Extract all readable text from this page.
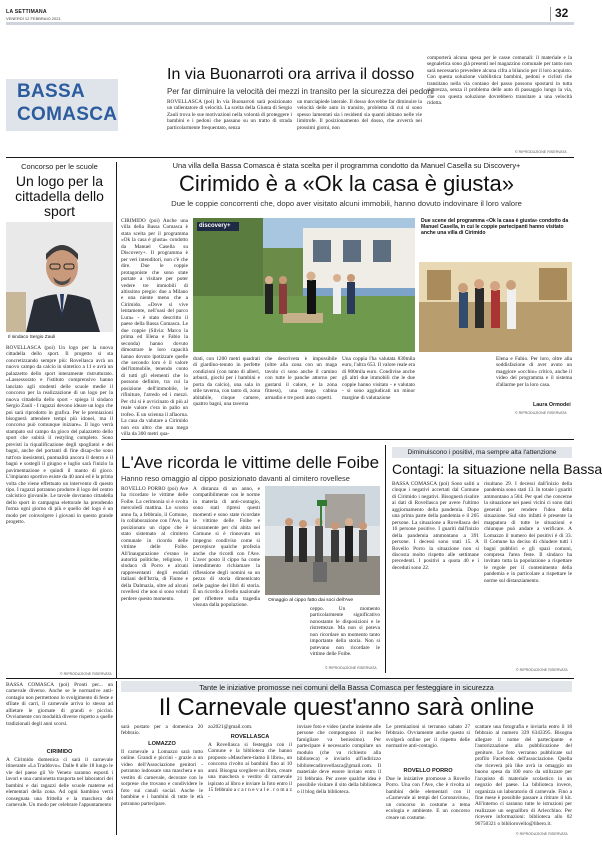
LA SETTIMANA
VENERDÌ 12 FEBBRAIO 2021	32
BASSA
COMASCA
In via Buonarroti ora arriva il dosso
Per far diminuire la velocità dei mezzi in transito per la sicurezza dei pedoni
ROVELLASCA (poi) In via Buonarroti sarà posizionato un rallentatore di velocità. La scelta della Giunta di Sergio Zauli trova le sue motivazioni nella volontà di proteggere i bambini e i pedoni che passano su un tratto di strada particolarmente frequentato, senza
un marciapiede laterale. Il dosso dovrebbe far diminuire la velocità delle auto in transito, problema di cui si sono spesso lamentati sia i residenti sia quanti abitano nelle vie limitrofe. Il posizionamento del dosso, che avverrà nei prossimi giorni, non
comporterà alcuna spesa per le casse comunali: il materiale e la segnaletica sono già presenti nel magazzino comunale per tanto non sarà necessario prevedere alcuna cifra a bilancio per il loro acquisto. Con questa soluzione viabilistica bambini, pedoni e ciclisti che transitano nella via contano del passo possono spostarsi in tutta sicurezza, senza il problema delle auto di passaggio lungo la via, che con questa soluzione dovrebbero transitare a una velocità ridotta.
© RIPRODUZIONE RISERVATA
Concorso per le scuole
Un logo per la cittadella dello sport
Il sindaco Sergio Zauli
ROVELLASCA (poi) Un logo per la nuova cittadella dello sport. Il progetto si sta concretizzando sempre più: Rovellasca avrà un nuovo campo da calcio in sintetico a 11 e avrà un palazzetto dello sport interamente ristrutturato. «Lassessorato e l'istituto comprensivo hanno lanciato agli studenti delle scuole medie il concorso per la realizzazione di un logo per la nuova cittadella dello sport - spiega il sindaco Sergio Zauli - I ragazzi devono ideare un logo che poi sarà riprodotto in grafica. Per le premiazioni bisognerà attendere tempi più idonei, ma il concorso può comunque iniziare». Il logo verrà stampato sul campo da gioco del palazzetto dello sport che subirà il restyling completo. Sono previsti la riqualificazione degli spogliatoi e dei bagni, anche del portanti di fine disap-che sono tutt'ora inesistenti, puntualità ancora il dentro e il bagni e sostegli il giugno e luglio sarà l'inizio la pavimentazione e quindi il manto di gioco. L'impianto sportivo esiste da 40 anni ed è la prima volta che viene effettuato un intervento di questo tipo. I ragazzi potranno produrre il logo del centro calcistico giovanile. Le tavole dovranno cittadella dello sport in campagna elettorale ha prendendo forma ogni giorno di più e quello del logo è un modo per coinvolgere i giovani in questo grande progetto.
© RIPRODUZIONE RISERVATA
Una villa della Bassa Comasca è stata scelta per il programma condotto da Manuel Casella su Discovery+
Cirimido è a «Ok la casa è giusta»
Due le coppie concorrenti che, dopo aver visitato alcuni immobili, hanno dovuto indovinare il loro valore
CIRIMIDO (poi) Anche una villa della Bassa Comasca è stata scelta per il programma «Ok la casa è giusta» condotto da Manuel Casella su Discovery+. Il programma è per veri intenditori, non c'è che dire. Due le coppie protagoniste che sono state portate a visitare per poter vedere tre immobili di altissimo pregio: due a Milano e una niente meno che a Cirimido. «Dove si vive lentamente, nell'oasi del parco Lura» - è stato descritto il paese della Bassa Comasca. Le due coppie (Silvia: Marco la prima ed Elena e Fabio la seconda) hanno dovuto dimostrare le loro capacità hanno dovuto ipotizzare quelle che secondo loro è il valore dell'immobile, tenendo conto di tutti gli elementi che lo possono definire, tra cui la posizione dell'immobile, le rifiniture, l'arredo ed i mezzi. Per chi si è avvicinato di più al reale valore c'era in palio un trofeo. E un scienna il aflaorna. La casa da valutare a Cirimido non era altro che una mega villa da 300 metri qua-
discovery+
Due scene del programma «Ok la casa è giusta» condotto da Manuel Casella, in cui le coppie partecipanti hanno visitato anche una villa di Cirimido
drati, con 1200 metri quadrati di giardino-tenuto in perfette condizioni (con tanto di alberi, arbusti, giochi per i bambini e porta da calcio), una sala in stile taverna, con tanto di, zona abitabile, cinque camere, quattro bagni, una taverna
che descriveta è impossibile (oltre alla zona con un maga tavolo ci sono anche il camino con tutte le panche attorno per gustarsi il calore, e la zona fitness), una mega cabina armadio e tre posti auto coperti.
Una coppia l'ha valutata 830mila euro, l'altra 653. Il valore reale era di 800mila euro. Condivise anche gli altri due immobili che le due coppie hanno visitato - e valutato - si sono aggiudicati un minor margine di valutazione
Elena e Fabio. Per loro, oltre alla soddisfazione di aver avuto un maggiore «occhio» critico, anche il video del programma e il sistema d'allarme per la loro casa.
Laura Ormodei
© RIPRODUZIONE RISERVATA
L'Ave ricorda le vittime delle Foibe
Hanno reso omaggio al cippo posizionato davanti al cimitero rovellese
ROVELLO PORRO (poi) Ave ha ricordato le vittime delle Foibe. La cerimonia si è svolta mercoledì mattina. Lo scorso anno fa, a febbraio, il Comune, in collaborazione con l'Ave, ha posizionato un cippo che è stato sistemato al cimitero comunale in ricordo delle vittime delle Foibe. All'inaugurazione c'erano le autorità politiche, religiose, il sindaco di Porro e alcuni rappresentanti degli esodati italiani dell'Istria, di Fiume e della Dalmazia, oltre ad alcuni rovellesi che non si sono voluti perdere questo momento.
A distanza di un anno, e compatibilmente con le norme in materia di anti-contagio, sono stati ripresi questi momenti e sono state ricordate le vittime delle Foibe e sicuramente per chi abita nel Comune si è rinnovato un impegno condiviso come si percepisce qualche profezia anche che ricordi con l'Ave. L'aver posto il cippo ha come intendimento richiamare la riflessione degli uomini su un pezzo di storia dimenticato nelle pagine dei libri di storia. È un ricordo a livello nazionale per riflettere sulla tragedia vissuta dalla popolazione.
Omaggio al cippo fatto dai soci dell'Ave
ceppo. Un momento particolarmente significativo nonostante le disposizioni e le ristrettezze. Ma non si poteva non ricordare un momento tanto importante della storia. Non si potevano non ricordare le vittime delle Foibe.
© RIPRODUZIONE RISERVATA
Diminuiscono i positivi, ma sempre alta l'attenzione
Contagi: la situazione nella Bassa
BASSA COMASCA (poi) Sono saliti a cinque i negativi accertati dal Comune di Cirimido i negativi. Bisognerà risalire ai dati di Rovellasca per avere l'ultimo aggiornamento della pandemia. Dopo una prima parte della pandemia e il 205 persone. La situazione a Rovellasca dei 16 persone positive. I guariti dall'inizio della pandemia ammontano a 391 persone. I decessi sono stati 15. A Rovello Porro la situazione non si discosta molto rispetto alle settimane precedenti. I positivi a quota 40 e i deceduti sono 22.
risultano 29. I decessi dall'inizio della pandemia sono stati 13. In totale i guariti ammontano a 584. Per quel che concerne la situazione nei paesi vicini ci sono dati generali per rendere l'idea della situazione. Sul sito infatti è presente la mappatura di tutte le situazioni e chiunque può andare a verificare. A Lomazzo il numero dei positivi è di 33. Il Comune ha deciso di chiudere tutti i bagni pubblici e gli spazi comuni, compresa l'area feste. Il sindaco ha invitato tutta la popolazione a rispettare le regole per il contenimento della pandemia e in particolare a rispettare le norme sul distanziamento.
© RIPRODUZIONE RISERVATA
BASSA COMASCA (poi) Pronti per... un carnevale diverso. Anche se le normative anti-contagio non permettono lo svolgimento di feste e sfilate di carri, il carnevale arriva lo stesso ad allietare le giornate di grandi e piccini. Ovviamente con modalità diverse rispetto a quelle tradizionali degli anni scorsi.
CIRIMIDO
A Cirimido domenica ci sarà il carnevale itinerante «La Traddovo». Dalle 8 alle 18 lungo le vie del paese gli Ve Veneto saranno esposti i lavori e una camionetta trasporta nel laboratori dei bambini e dai ragazzi delle scuole materne ed elementari della zona. Ad ogni bambino verrà consegnata una frittella e la maschera del carnevale. Un modo per celebrare l'appuntamento
Tante le iniziative promosse nei comuni della Bassa Comasca per festeggiare in sicurezza
Il Carnevale quest'anno sarà online
sarà postato per a domenica 20 febbraio.
LOMAZZO
Il carnevale a Lomazzo sarà tutto online. Grandi e piccini - grazie a un video dell'Associazione genitori - potranno indossare una maschera e un vestito di carnevale, decorare con le sorprese che trovano e condividere le foto sui canali social. Anche le bambine e i bambini di tutte le età potranno partecipare.
zo2021@gmail.com.
ROVELLASCA
A Rovellasca si festeggia con il Comune e la biblioteca che hanno proposto «Maschere-tiamo il libro», un concorso rivolto ai bambini fino ai 10 anni. Bisogna scegliere un libro, creare una maschera o vestito di carnevale ispirato al libro e inviare la foto entro il 15 febbraio a c a r n e v a l e . r o m a z -
inviare foto e video (anche insieme alle persone che compongono il nucleo famigliare va benissimo). Per partecipare è necessario compilare un modulo (che va richiesto alla biblioteca) e inviarlo all'indirizzo bibliotecadirovellasca@gmail.com. Il materiale deve essere inviato entro il 21 febbraio. Per avere qualche idea è possibile visitare il sito della biblioteca o il blog della biblioteca.
Le premiazioni si terranno sabato 27 febbraio. Ovviamente anche questo si svolgerà online per il rispetto delle normative anti-contagio.
ROVELLO PORRO
Due le iniziative promosse a Rovello Porro. Una con l'Ave, che è rivolta ai bambini delle elementari con il «Carnevale ai tempi del Coronavirus», un concorso in costume a tema ecologia e ambiente. E un concorso creare un costume.
scattare una fotografia e inviarla entro il 18 febbraio al numero 339 6343395. Bisogna allegare il nome del partecipante e l'autorizzazione alla pubblicazione del genitore. Le foto verranno pubblicate sul profilo Facebook dell'associazione. Quella che riceverà più like avrà in omaggio un buono spesa da 100 euro da utilizzare per l'acquisto di materiale scolastico in un negozio del paese. La biblioteca invece, organizza un laboratorio di carnevale. Fino a fine mese è possibile passare a ritirare il kit. All'interno ci saranno tutte le istruzioni per realizzare un segnalibro di Arlecchino. Per ricevere informazioni: biblioteca allo 02 96750321 o bibliorovello@libero.it.
© RIPRODUZIONE RISERVATA
